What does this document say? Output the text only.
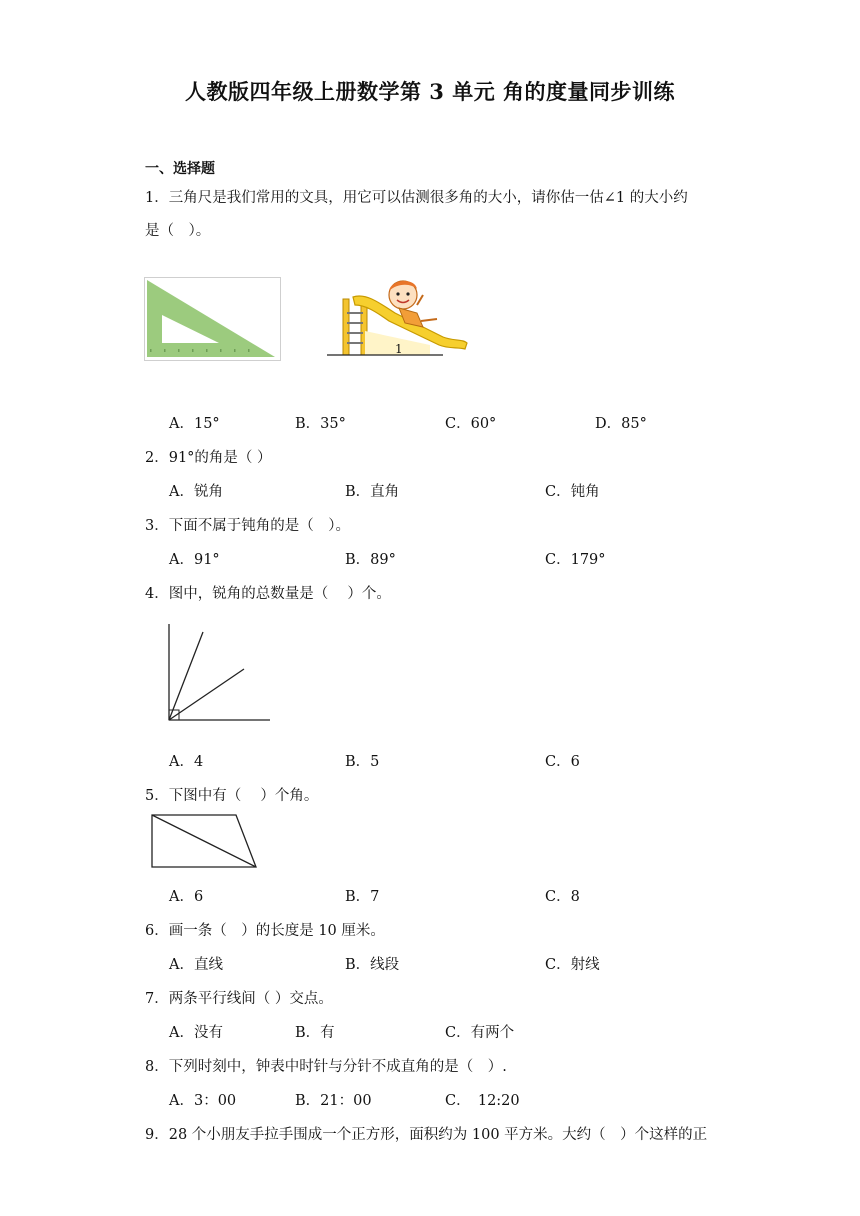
人教版四年级上册数学第 3 单元 角的度量同步训练
一、选择题
1．三角尺是我们常用的文具，用它可以估测很多角的大小，请你估一估∠1 的大小约
是（　）。
1
A．15°	B．35°	C．60°	D．85°
2．91°的角是（ ）
A．锐角	B．直角	C．钝角
3．下面不属于钝角的是（　）。
A．91°	B．89°	C．179°
4．图中，锐角的总数量是（　 ）个。
A．4	B．5	C．6
5．下图中有（　 ）个角。
A．6	B．7	C．8
6．画一条（　）的长度是 10 厘米。
A．直线	B．线段	C．射线
7．两条平行线间（ ）交点。
A．没有	B．有	C．有两个
8．下列时刻中，钟表中时针与分针不成直角的是（　）.
A．3：00	B．21：00	C．　12:20
9．28 个小朋友手拉手围成一个正方形，面积约为 100 平方米。大约（　）个这样的正
